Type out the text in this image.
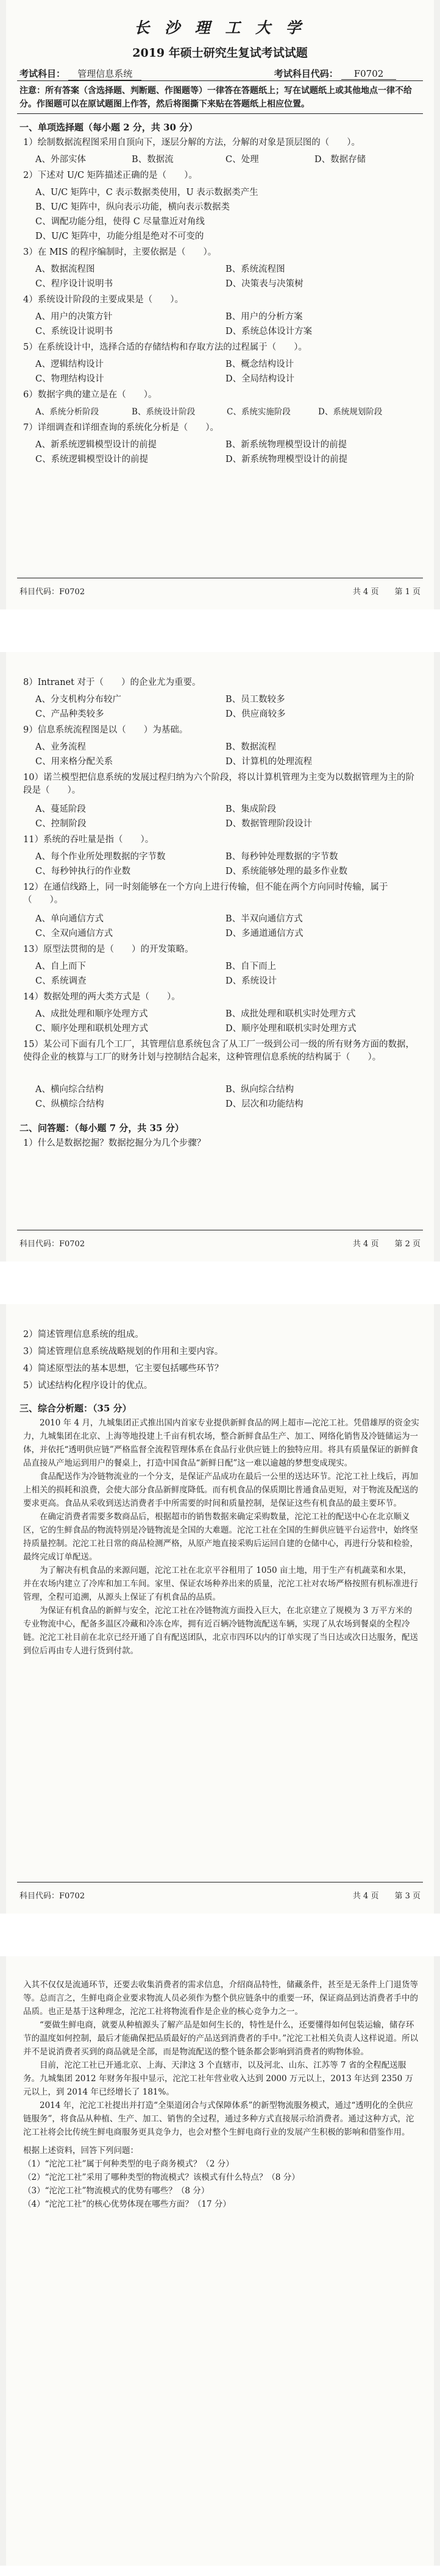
长 沙 理 工 大 学
2019 年硕士研究生复试考试试题
考试科目： 管理信息系统	考试科目代码： F0702
注意：所有答案（含选择题、判断题、作图题等）一律答在答题纸上；写在试题纸上或其他地点一律不给分。作图题可以在原试题图上作答，然后将图撕下来贴在答题纸上相应位置。
一、单项选择题（每小题 2 分，共 30 分）
1）绘制数据流程图采用自顶向下，逐层分解的方法，分解的对象是顶层图的（　　）。
A、外部实体	B、数据流	C、处理	D、数据存储
2）下述对 U/C 矩阵描述正确的是（　　）。
A、U/C 矩阵中，C 表示数据类使用，U 表示数据类产生
B、U/C 矩阵中，纵向表示功能，横向表示数据类
C、调配功能分组，使得 C 尽量靠近对角线
D、U/C 矩阵中，功能分组是绝对不可变的
3）在 MIS 的程序编制时，主要依据是（　　）。
A、数据流程图	B、系统流程图
C、程序设计说明书	D、决策表与决策树
4）系统设计阶段的主要成果是（　　）。
A、用户的决策方针	B、用户的分析方案
C、系统设计说明书	D、系统总体设计方案
5）在系统设计中，选择合适的存储结构和存取方法的过程属于（　　）。
A、逻辑结构设计	B、概念结构设计
C、物理结构设计	D、全局结构设计
6）数据字典的建立是在（　　）。
A、系统分析阶段	B、系统设计阶段	C、系统实施阶段	D、系统规划阶段
7）详细调查和详细查询的系统化分析是（　　）。
A、新系统逻辑模型设计的前提	B、新系统物理模型设计的前提
C、系统逻辑模型设计的前提	D、新系统物理模型设计的前提
科目代码：F0702	共 4 页　　第 1 页
8）Intranet 对于（　　）的企业尤为重要。
A、分支机构分布较广	B、员工数较多
C、产品种类较多	D、供应商较多
9）信息系统流程图是以（　　）为基础。
A、业务流程	B、数据流程
C、用来格分配关系	D、计算机的处理流程
10）诺兰模型把信息系统的发展过程归纳为六个阶段，将以计算机管理为主变为以数据管理为主的阶段是（　　）。
A、蔓延阶段	B、集成阶段
C、控制阶段	D、数据管理阶段设计
11）系统的吞吐量是指（　　）。
A、每个作业所处理数据的字节数	B、每秒钟处理数据的字节数
C、每秒钟执行的作业数	D、系统能够处理的最多作业数
12）在通信线路上，同一时刻能够在一个方向上进行传输，但不能在两个方向同时传输，属于（　　）。
A、单向通信方式	B、半双向通信方式
C、全双向通信方式	D、多通道通信方式
13）原型法贯彻的是（　　）的开发策略。
A、自上而下	B、自下而上
C、系统调查	D、系统设计
14）数据处理的两大类方式是（　　）。
A、成批处理和顺序处理方式	B、成批处理和联机实时处理方式
C、顺序处理和联机处理方式	D、顺序处理和联机实时处理方式
15）某公司下面有几个工厂，其管理信息系统包含了从工厂一级到公司一级的所有财务方面的数据，使得企业的核算与工厂的财务计划与控制结合起来，这种管理信息系统的结构属于（　　）。
A、横向综合结构	B、纵向综合结构
C、纵横综合结构	D、层次和功能结构
二、问答题：（每小题 7 分，共 35 分）
1）什么是数据挖掘？数据挖掘分为几个步骤？
科目代码：F0702	共 4 页　　第 2 页
2）简述管理信息系统的组成。
3）简述管理信息系统战略规划的作用和主要内容。
4）简述原型法的基本思想，它主要包括哪些环节？
5）试述结构化程序设计的优点。
三、综合分析题：（35 分）

2010 年 4 月，九城集团正式推出国内首家专业提供新鲜食品的网上超市—沱沱工社。凭借雄厚的资金实力，九城集团在北京、上海等地投建上千亩有机农场，整合新鲜食品生产、加工、网络化销售及冷链储运为一体，并依托“透明供应链”严格监督全流程管理体系在食品行业供应链上的独特应用。将具有质量保证的新鲜食品直接从产地运到用户的餐桌上，打造中国食品“新鲜日配”这一难以逾越的梦想变成现实。

食品配送作为冷链物流业的一个分支，是保证产品成功在最后一公里的送达环节。沱沱工社上线后，再加上相关的损耗和浪费，会使大部分食品新鲜度降低。而有机食品的保质期比普通食品更短，对于物流及配送的要求更高。食品从采收到送达消费者手中所需要的时间和质量控制，是保证这些有机食品的最主要环节。

在确定消费者需要多数商品后，根据超市的销售数据来确定采购数量，沱沱工社的配送中心在北京顺义区，它的生鲜食品的物流特别是冷链物流是全国的大难题。沱沱工社在全国的生鲜供应链平台运营中，始终坚持质量控制。沱沱工社日常的商品检测严格，从原产地直接采购后运回自建的仓储中心，再进行分装和检验，最终完成订单配送。

为了解决有机食品的来源问题，沱沱工社在北京平谷租用了 1050 亩土地，用于生产有机蔬菜和水果，并在农场内建立了冷库和加工车间。家里、保证农场种养出来的质量，沱沱工社对农场严格按照有机标准进行管理，全程可追溯，从源头上保证了有机食品的品质。

为保证有机食品的新鲜与安全，沱沱工社在冷链物流方面投入巨大，在北京建立了规模为 3 万平方米的专业物流中心，配备多温区冷藏和冷冻仓库，拥有近百辆冷链物流配送车辆，实现了从农场到餐桌的全程冷链。沱沱工社目前在北京已经开通了自有配送团队，北京市四环以内的订单实现了当日达或次日达服务，配送到位后再由专人进行货到付款。

科目代码：F0702	共 4 页　　第 3 页

入其不仅仅是流通环节，还要去收集消费者的需求信息，介绍商品特性，储藏条件，甚至是无条件上门退货等等。总而言之，生鲜电商企业要求物流人员必须作为整个供应链条中的重要一环，保证商品到达消费者手中的品质。也正是基于这种理念，沱沱工社将物流看作是企业的核心竞争力之一。

“要做生鲜电商，就要从种植源头了解产品是如何生长的，特性是什么，还要懂得如何包装运输，储存环节的温度如何控制，最后才能确保把品质最好的产品送到消费者的手中。”沱沱工社相关负责人这样说道。所以并不是说消费者买到的商品就是全部，而是物流配送的整个链条都会影响到消费者的购物体验。

目前，沱沱工社已开通北京、上海、天津这 3 个直辖市，以及河北、山东、江苏等 7 省的全程配送服务。九城集团 2012 年财务年报中显示，沱沱工社年营业收入达到 2000 万元以上，2013 年达到 2350 万元以上，到 2014 年已经增长了 181%。

2014 年，沱沱工社提出并打造“全渠道闭合与式保障体系”的新型物流服务模式，通过“透明化的全供应链服务”，将食品从种植、生产、加工、销售的全过程，通过多种方式直接展示给消费者。通过这种方式，沱沱工社将会比传统生鲜电商服务更具竞争力，也会对整个生鲜电商行业的发展产生积极的影响和借鉴作用。

根据上述资料，回答下列问题：

（1）“沱沱工社”属于何种类型的电子商务模式？（2 分）

（2）“沱沱工社”采用了哪种类型的物流模式？该模式有什么特点？（8 分）

（3）“沱沱工社”物流模式的优势有哪些？（8 分）

（4）“沱沱工社”的核心优势体现在哪些方面？（17 分）
